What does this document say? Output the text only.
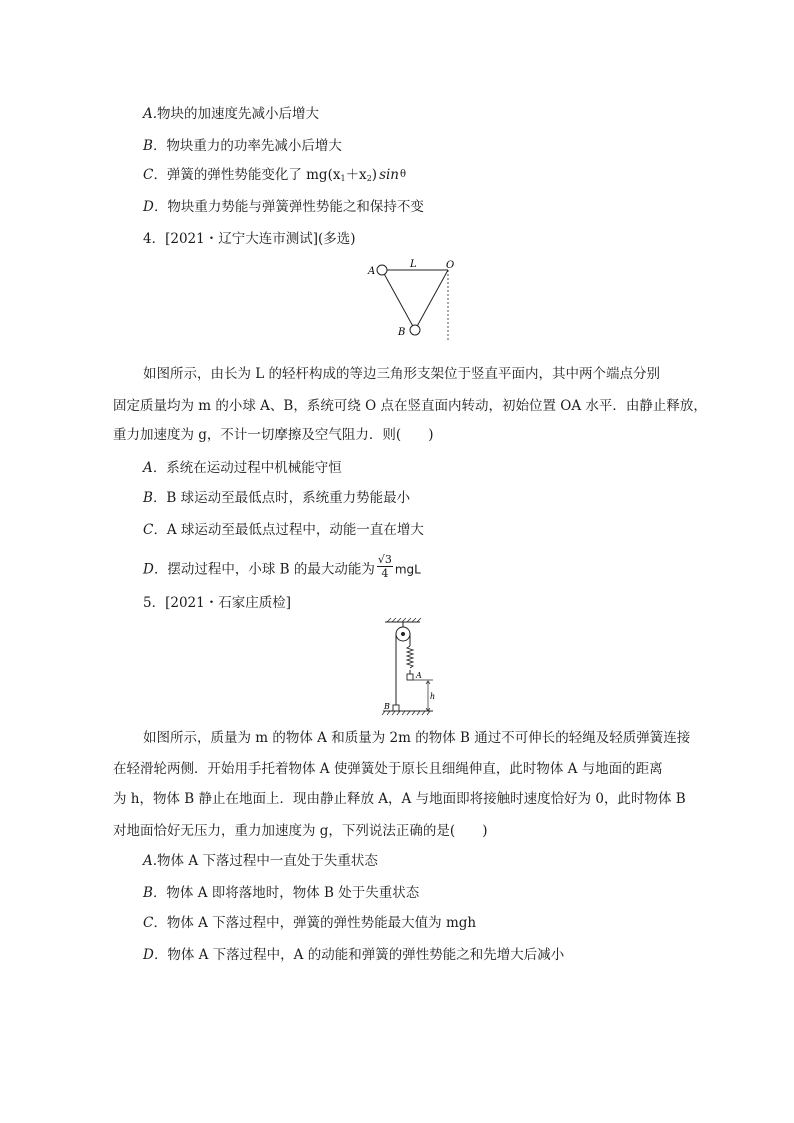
A.物块的加速度先减小后增大
B．物块重力的功率先减小后增大
C．弹簧的弹性势能变化了 $mg(x_1+x_2)$ sinθ
D．物块重力势能与弹簧弹性势能之和保持不变
4．[2021・辽宁大连市测试](多选)
A
L	O
B
如图所示，由长为 L 的轻杆构成的等边三角形支架位于竖直平面内，其中两个端点分别
固定质量均为 m 的小球 A、B，系统可绕 O 点在竖直面内转动，初始位置 OA 水平．由静止释放，
重力加速度为 g，不计一切摩擦及空气阻力．则(　　)
A．系统在运动过程中机械能守恒
B．B 球运动至最低点时，系统重力势能最小
C．A 球运动至最低点过程中，动能一直在增大
D．摆动过程中，小球 B 的最大动能为 $\frac{√3}{4}$ mgL
5．[2021・石家庄质检]
A
h
B
如图所示，质量为 m 的物体 A 和质量为 2m 的物体 B 通过不可伸长的轻绳及轻质弹簧连接
在轻滑轮两侧．开始用手托着物体 A 使弹簧处于原长且细绳伸直，此时物体 A 与地面的距离
为 h，物体 B 静止在地面上．现由静止释放 A，A 与地面即将接触时速度恰好为 0，此时物体 B
对地面恰好无压力，重力加速度为 g，下列说法正确的是(　　)
A.物体 A 下落过程中一直处于失重状态
B．物体 A 即将落地时，物体 B 处于失重状态
C．物体 A 下落过程中，弹簧的弹性势能最大值为 mgh
D．物体 A 下落过程中，A 的动能和弹簧的弹性势能之和先增大后减小
